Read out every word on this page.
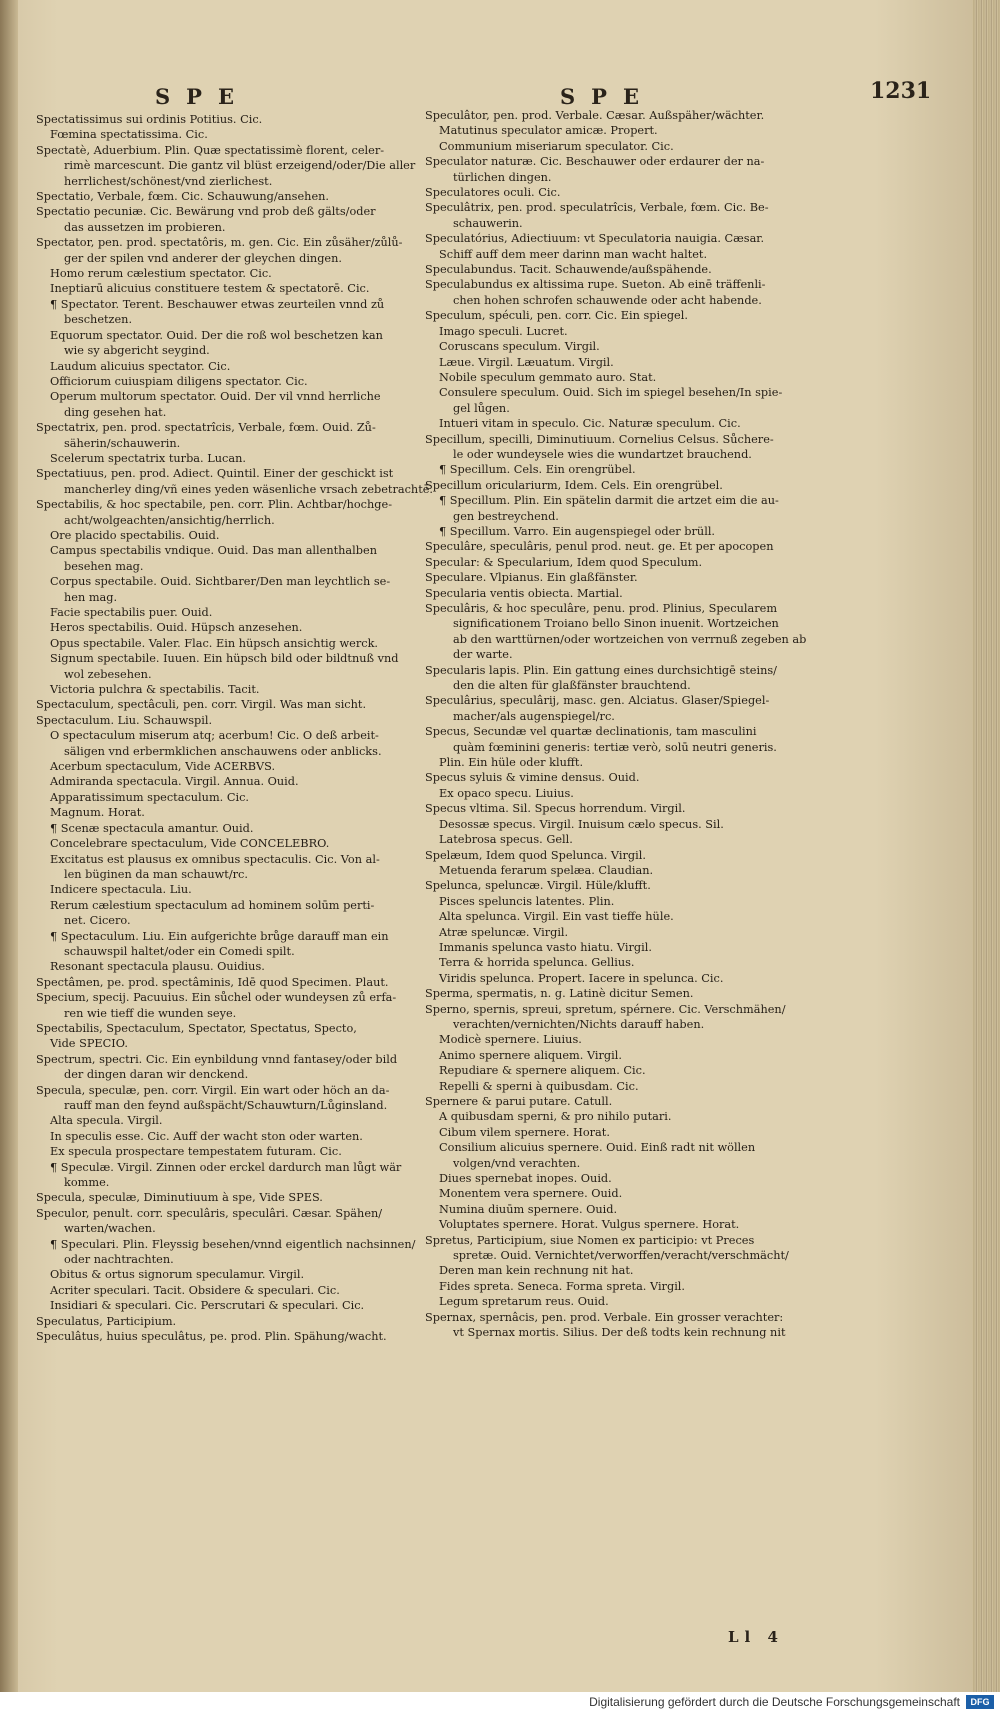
SPE	SPE	1231
Spectatissimus sui ordinis Potitius. Cic.
Fœmina spectatissima. Cic.
Spectatè, Aduerbium. Plin. Quæ spectatissimè florent, celer-
rimè marcescunt. Die gantz vil blüst erzeigend/oder/Die aller
herrlichest/schönest/vnd zierlichest.
Spectatio, Verbale, fœm. Cic. Schauwung/ansehen.
Spectatio pecuniæ. Cic. Bewärung vnd prob deß gälts/oder
das aussetzen im probieren.
Spectator, pen. prod. spectatôris, m. gen. Cic. Ein zůsäher/zůlů-
ger der spilen vnd anderer der gleychen dingen.
Homo rerum cælestium spectator. Cic.
Ineptiarū alicuius constituere testem & spectatorē. Cic.
¶ Spectator. Terent. Beschauwer etwas zeurteilen vnnd zů
beschetzen.
Equorum spectator. Ouid. Der die roß wol beschetzen kan
wie sy abgericht seygind.
Laudum alicuius spectator. Cic.
Officiorum cuiuspiam diligens spectator. Cic.
Operum multorum spectator. Ouid. Der vil vnnd herrliche
ding gesehen hat.
Spectatrix, pen. prod. spectatrîcis, Verbale, fœm. Ouid. Zů-
säherin/schauwerin.
Scelerum spectatrix turba. Lucan.
Spectatiuus, pen. prod. Adiect. Quintil. Einer der geschickt ist
mancherley ding/vñ eines yeden wäsenliche vrsach zebetrachtē.
Spectabilis, & hoc spectabile, pen. corr. Plin. Achtbar/hochge-
acht/wolgeachten/ansichtig/herrlich.
Ore placido spectabilis. Ouid.
Campus spectabilis vndique. Ouid. Das man allenthalben
besehen mag.
Corpus spectabile. Ouid. Sichtbarer/Den man leychtlich se-
hen mag.
Facie spectabilis puer. Ouid.
Heros spectabilis. Ouid. Hüpsch anzesehen.
Opus spectabile. Valer. Flac. Ein hüpsch ansichtig werck.
Signum spectabile. Iuuen. Ein hüpsch bild oder bildtnuß vnd
wol zebesehen.
Victoria pulchra & spectabilis. Tacit.
Spectaculum, spectâculi, pen. corr. Virgil. Was man sicht.
Spectaculum. Liu. Schauwspil.
O spectaculum miserum atq; acerbum! Cic. O deß arbeit-
säligen vnd erbermklichen anschauwens oder anblicks.
Acerbum spectaculum, Vide ACERBVS.
Admiranda spectacula. Virgil. Annua. Ouid.
Apparatissimum spectaculum. Cic.
Magnum. Horat.
¶ Scenæ spectacula amantur. Ouid.
Concelebrare spectaculum, Vide CONCELEBRO.
Excitatus est plausus ex omnibus spectaculis. Cic. Von al-
len büginen da man schauwt/rc.
Indicere spectacula. Liu.
Rerum cælestium spectaculum ad hominem solūm perti-
net. Cicero.
¶ Spectaculum. Liu. Ein aufgerichte brůge darauff man ein
schauwspil haltet/oder ein Comedi spilt.
Resonant spectacula plausu. Ouidius.
Spectâmen, pe. prod. spectâminis, Idē quod Specimen. Plaut.
Specium, specij. Pacuuius. Ein sůchel oder wundeysen zů erfa-
ren wie tieff die wunden seye.
Spectabilis, Spectaculum, Spectator, Spectatus, Specto,
Vide SPECIO.
Spectrum, spectri. Cic. Ein eynbildung vnnd fantasey/oder bild
der dingen daran wir denckend.
Specula, speculæ, pen. corr. Virgil. Ein wart oder höch an da-
rauff man den feynd außspächt/Schauwturn/Lůginsland.
Alta specula. Virgil.
In speculis esse. Cic. Auff der wacht ston oder warten.
Ex specula prospectare tempestatem futuram. Cic.
¶ Speculæ. Virgil. Zinnen oder erckel dardurch man lůgt wär
komme.
Specula, speculæ, Diminutiuum à spe, Vide SPES.
Speculor, penult. corr. speculâris, speculâri. Cæsar. Spähen/
warten/wachen.
¶ Speculari. Plin. Fleyssig besehen/vnnd eigentlich nachsinnen/
oder nachtrachten.
Obitus & ortus signorum speculamur. Virgil.
Acriter speculari. Tacit. Obsidere & speculari. Cic.
Insidiari & speculari. Cic. Perscrutari & speculari. Cic.
Speculatus, Participium.
Speculâtus, huius speculâtus, pe. prod. Plin. Spähung/wacht.
Speculâtor, pen. prod. Verbale. Cæsar. Außspäher/wächter.
Matutinus speculator amicæ. Propert.
Communium miseriarum speculator. Cic.
Speculator naturæ. Cic. Beschauwer oder erdaurer der na-
türlichen dingen.
Speculatores oculi. Cic.
Speculâtrix, pen. prod. speculatrîcis, Verbale, fœm. Cic. Be-
schauwerin.
Speculatórius, Adiectiuum: vt Speculatoria nauigia. Cæsar.
Schiff auff dem meer darinn man wacht haltet.
Speculabundus. Tacit. Schauwende/außspähende.
Speculabundus ex altissima rupe. Sueton. Ab einē träffenli-
chen hohen schrofen schauwende oder acht habende.
Speculum, spéculi, pen. corr. Cic. Ein spiegel.
Imago speculi. Lucret.
Coruscans speculum. Virgil.
Læue. Virgil. Læuatum. Virgil.
Nobile speculum gemmato auro. Stat.
Consulere speculum. Ouid. Sich im spiegel besehen/In spie-
gel lůgen.
Intueri vitam in speculo. Cic. Naturæ speculum. Cic.
Specillum, specilli, Diminutiuum. Cornelius Celsus. Sůchere-
le oder wundeysele wies die wundartzet brauchend.
¶ Specillum. Cels. Ein orengrübel.
Specillum oriculariurm, Idem. Cels. Ein orengrübel.
¶ Specillum. Plin. Ein spätelin darmit die artzet eim die au-
gen bestreychend.
¶ Specillum. Varro. Ein augenspiegel oder brüll.
Speculâre, speculâris, penul prod. neut. ge. Et per apocopen
Specular: & Specularium, Idem quod Speculum.
Speculare. Vlpianus. Ein glaßfänster.
Specularia ventis obiecta. Martial.
Speculâris, & hoc speculâre, penu. prod. Plinius, Specularem
significationem Troiano bello Sinon inuenit. Wortzeichen
ab den warttürnen/oder wortzeichen von verrnuß zegeben ab
der warte.
Specularis lapis. Plin. Ein gattung eines durchsichtigē steins/
den die alten für glaßfänster brauchtend.
Speculârius, speculârij, masc. gen. Alciatus. Glaser/Spiegel-
macher/als augenspiegel/rc.
Specus, Secundæ vel quartæ declinationis, tam masculini
quàm fœminini generis: tertiæ verò, solū neutri generis.
Plin. Ein hüle oder klufft.
Specus syluis & vimine densus. Ouid.
Ex opaco specu. Liuius.
Specus vltima. Sil. Specus horrendum. Virgil.
Desossæ specus. Virgil. Inuisum cælo specus. Sil.
Latebrosa specus. Gell.
Spelæum, Idem quod Spelunca. Virgil.
Metuenda ferarum spelæa. Claudian.
Spelunca, speluncæ. Virgil. Hüle/klufft.
Pisces speluncis latentes. Plin.
Alta spelunca. Virgil. Ein vast tieffe hüle.
Atræ speluncæ. Virgil.
Immanis spelunca vasto hiatu. Virgil.
Terra & horrida spelunca. Gellius.
Viridis spelunca. Propert. Iacere in spelunca. Cic.
Sperma, spermatis, n. g. Latinè dicitur Semen.
Sperno, spernis, spreui, spretum, spérnere. Cic. Verschmähen/
verachten/vernichten/Nichts darauff haben.
Modicè spernere. Liuius.
Animo spernere aliquem. Virgil.
Repudiare & spernere aliquem. Cic.
Repelli & sperni à quibusdam. Cic.
Spernere & parui putare. Catull.
A quibusdam sperni, & pro nihilo putari.
Cibum vilem spernere. Horat.
Consilium alicuius spernere. Ouid. Einß radt nit wöllen
volgen/vnd verachten.
Diues spernebat inopes. Ouid.
Monentem vera spernere. Ouid.
Numina diuūm spernere. Ouid.
Voluptates spernere. Horat. Vulgus spernere. Horat.
Spretus, Participium, siue Nomen ex participio: vt Preces
spretæ. Ouid. Vernichtet/verworffen/veracht/verschmächt/
Deren man kein rechnung nit hat.
Fides spreta. Seneca. Forma spreta. Virgil.
Legum spretarum reus. Ouid.
Spernax, spernâcis, pen. prod. Verbale. Ein grosser verachter:
vt Spernax mortis. Silius. Der deß todts kein rechnung nit
Ll 4
Digitalisierung gefördert durch die Deutsche Forschungsgemeinschaft	DFG
